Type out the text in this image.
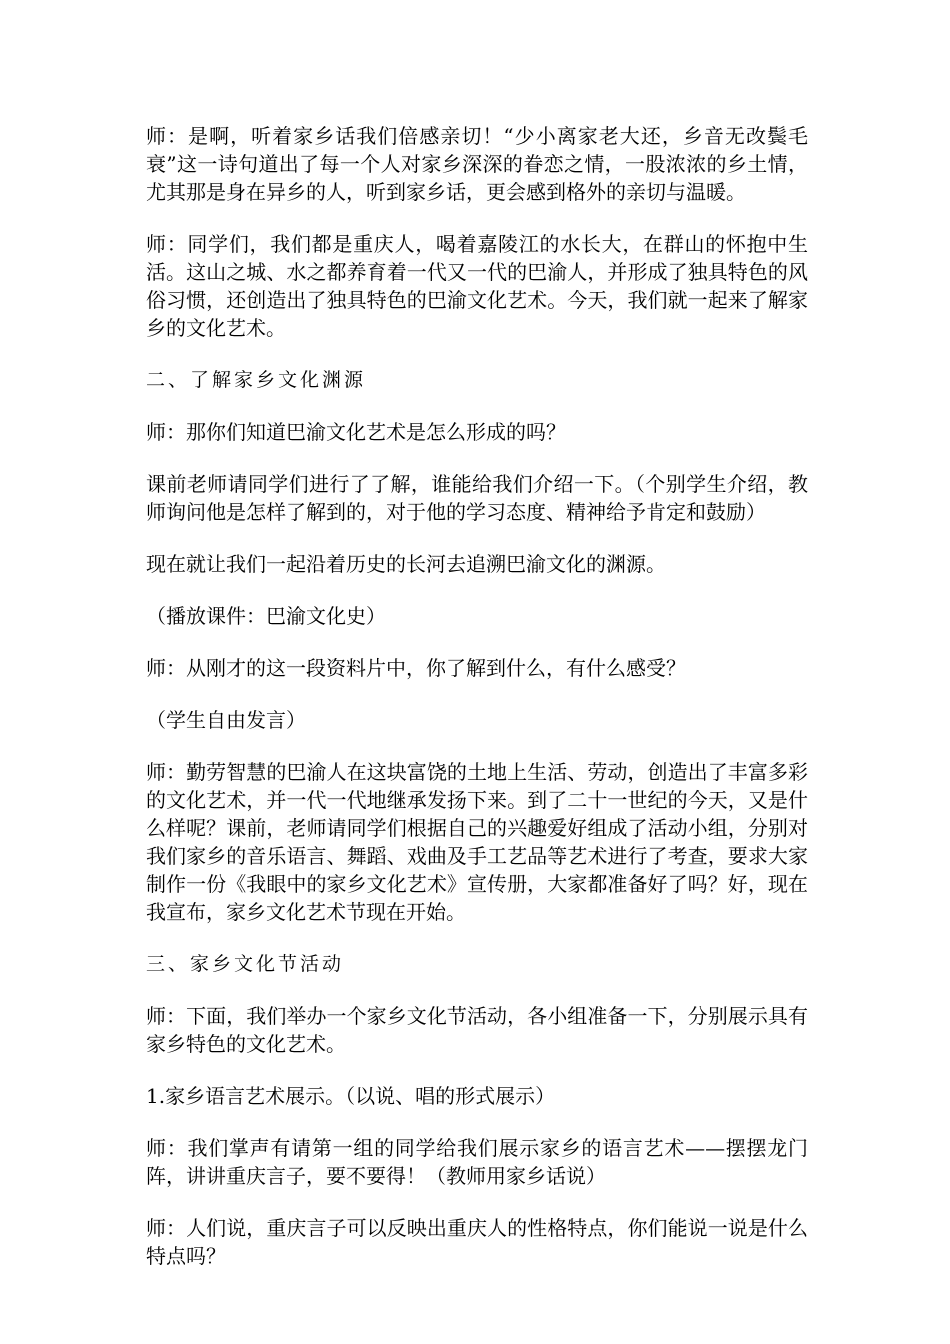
师：是啊，听着家乡话我们倍感亲切！“少小离家老大还，乡音无改鬓毛衰”这一诗句道出了每一个人对家乡深深的眷恋之情，一股浓浓的乡土情，尤其那是身在异乡的人，听到家乡话，更会感到格外的亲切与温暖。

师：同学们，我们都是重庆人，喝着嘉陵江的水长大，在群山的怀抱中生活。这山之城、水之都养育着一代又一代的巴渝人，并形成了独具特色的风俗习惯，还创造出了独具特色的巴渝文化艺术。今天，我们就一起来了解家乡的文化艺术。

二、了解家乡文化渊源

师：那你们知道巴渝文化艺术是怎么形成的吗？

课前老师请同学们进行了了解，谁能给我们介绍一下。（个别学生介绍，教师询问他是怎样了解到的，对于他的学习态度、精神给予肯定和鼓励）

现在就让我们一起沿着历史的长河去追溯巴渝文化的渊源。

（播放课件：巴渝文化史）

师：从刚才的这一段资料片中，你了解到什么，有什么感受？

（学生自由发言）

师：勤劳智慧的巴渝人在这块富饶的土地上生活、劳动，创造出了丰富多彩的文化艺术，并一代一代地继承发扬下来。到了二十一世纪的今天，又是什么样呢？课前，老师请同学们根据自己的兴趣爱好组成了活动小组，分别对我们家乡的音乐语言、舞蹈、戏曲及手工艺品等艺术进行了考查，要求大家制作一份《我眼中的家乡文化艺术》宣传册，大家都准备好了吗？好，现在我宣布，家乡文化艺术节现在开始。

三、家乡文化节活动

师：下面，我们举办一个家乡文化节活动，各小组准备一下，分别展示具有家乡特色的文化艺术。

1.家乡语言艺术展示。（以说、唱的形式展示）

师：我们掌声有请第一组的同学给我们展示家乡的语言艺术——摆摆龙门阵，讲讲重庆言子，要不要得！（教师用家乡话说）

师：人们说，重庆言子可以反映出重庆人的性格特点，你们能说一说是什么特点吗？
